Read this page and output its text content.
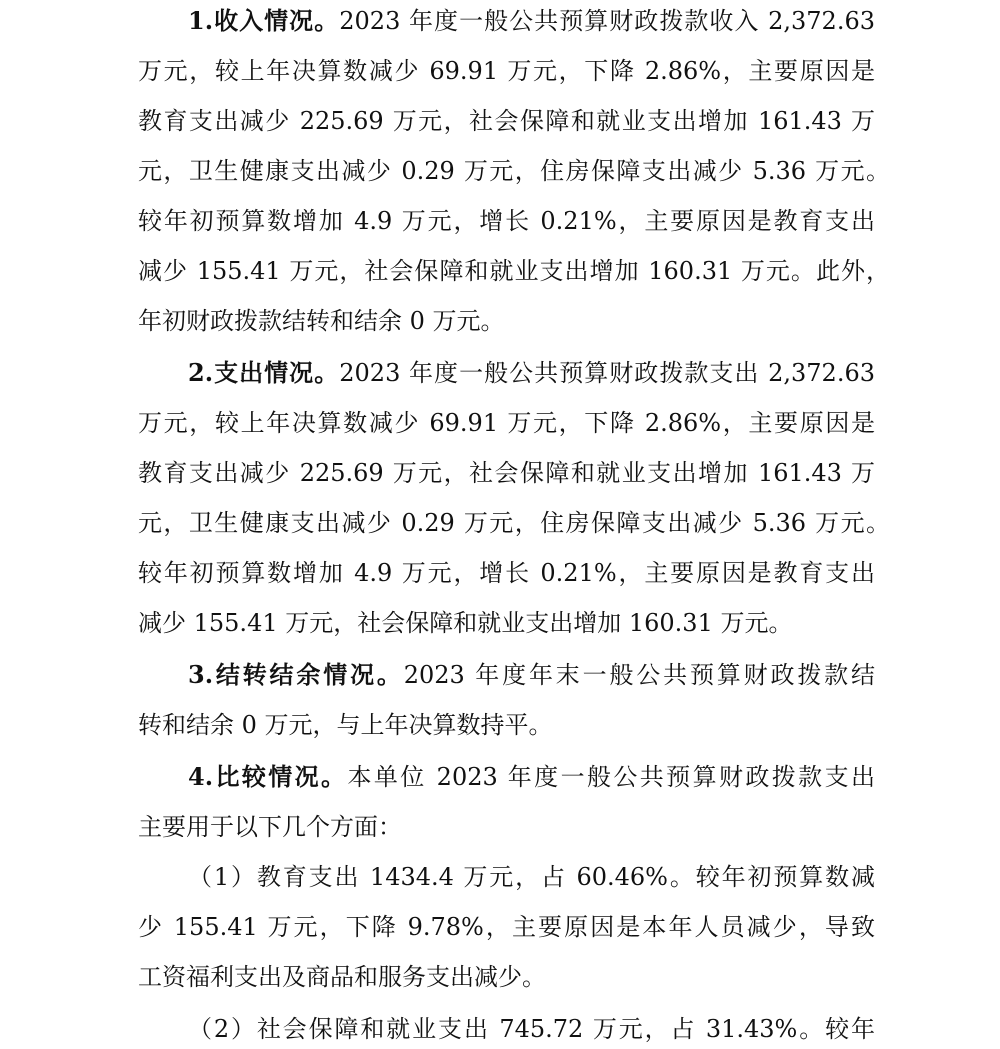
1.收入情况。2023 年度一般公共预算财政拨款收入 2,372.63
万元，较上年决算数减少 69.91 万元，下降 2.86%，主要原因是
教育支出减少 225.69 万元，社会保障和就业支出增加 161.43 万
元，卫生健康支出减少 0.29 万元，住房保障支出减少 5.36 万元。
较年初预算数增加 4.9 万元，增长 0.21%，主要原因是教育支出
减少 155.41 万元，社会保障和就业支出增加 160.31 万元。此外，
年初财政拨款结转和结余 0 万元。
2.支出情况。2023 年度一般公共预算财政拨款支出 2,372.63
万元，较上年决算数减少 69.91 万元，下降 2.86%，主要原因是
教育支出减少 225.69 万元，社会保障和就业支出增加 161.43 万
元，卫生健康支出减少 0.29 万元，住房保障支出减少 5.36 万元。
较年初预算数增加 4.9 万元，增长 0.21%，主要原因是教育支出
减少 155.41 万元，社会保障和就业支出增加 160.31 万元。
3.结转结余情况。2023 年度年末一般公共预算财政拨款结
转和结余 0 万元，与上年决算数持平。
4.比较情况。本单位 2023 年度一般公共预算财政拨款支出
主要用于以下几个方面：
（1）教育支出 1434.4 万元，占 60.46%。较年初预算数减
少 155.41 万元，下降 9.78%，主要原因是本年人员减少，导致
工资福利支出及商品和服务支出减少。
（2）社会保障和就业支出 745.72 万元，占 31.43%。较年
